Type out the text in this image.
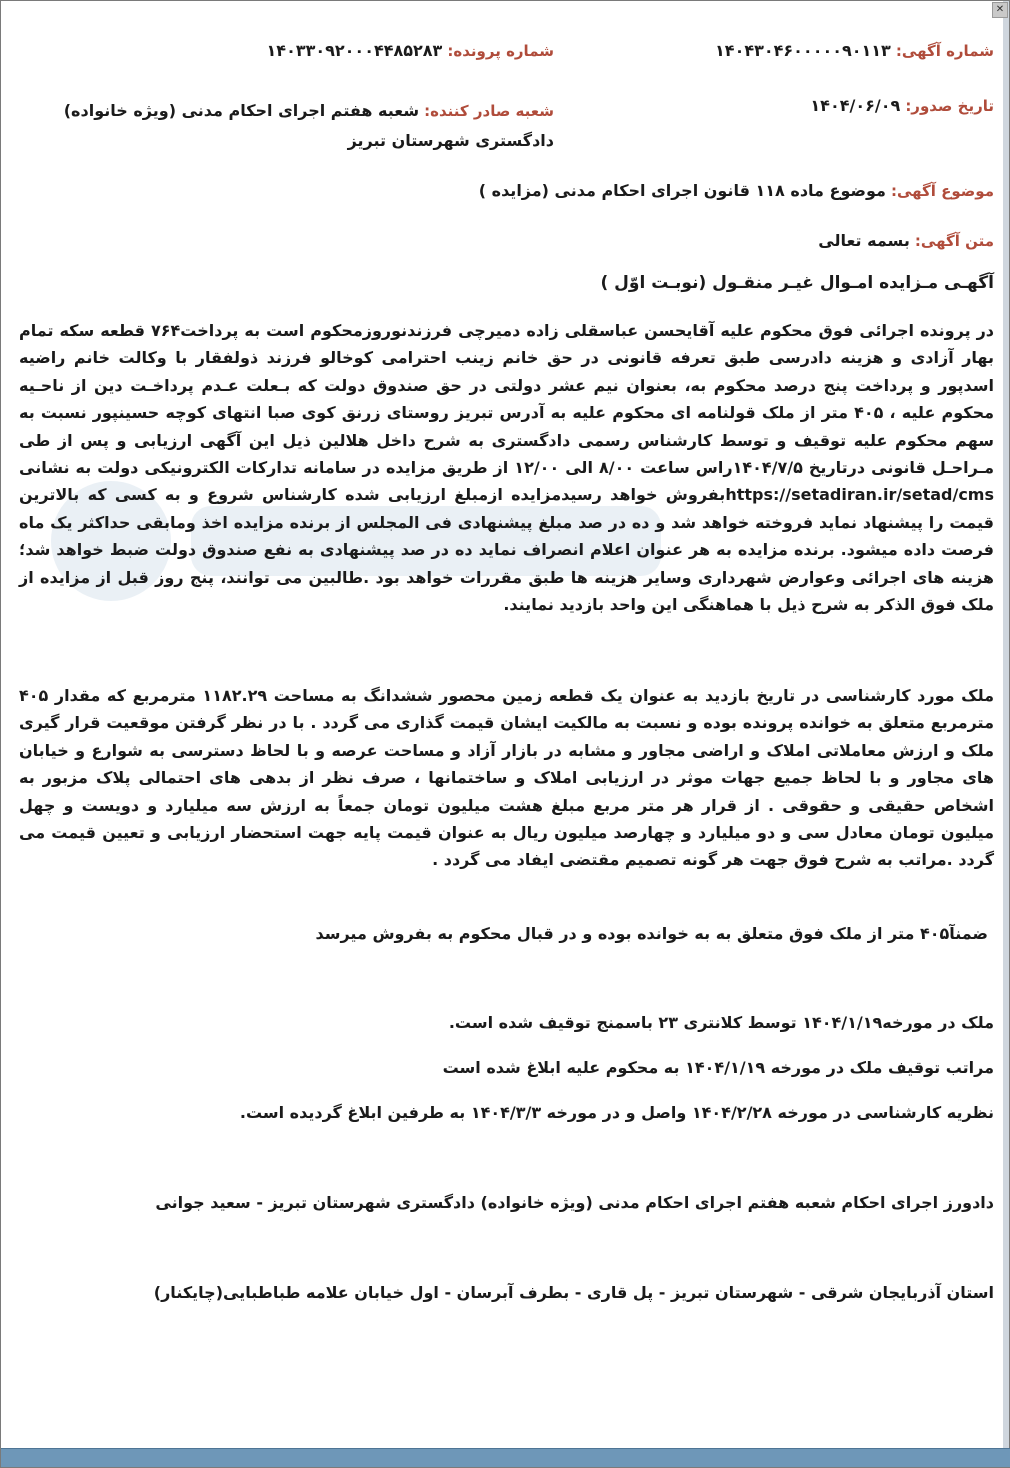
✕
شماره آگهی: ۱۴۰۴۳۰۴۶۰۰۰۰۰۹۰۱۱۳
شماره پرونده: ۱۴۰۳۳۰۹۲۰۰۰۴۴۸۵۲۸۳
تاریخ صدور: ۱۴۰۴/۰۶/۰۹
شعبه صادر کننده: شعبه هفتم اجرای احکام مدنی (ویژه خانواده) دادگستری شهرستان تبریز
موضوع آگهی: موضوع ماده ۱۱۸ قانون اجرای احکام مدنی (مزایده )
متن آگهی: بسمه تعالی
آگهـی مـزایده امـوال غیـر منقـول (نوبـت اوّل )
در پرونده اجرائی فوق محکوم علیه آقایحسن عباسقلی زاده دمیرچی فرزندنوروزمحکوم است به پرداخت۷۶۴ قطعه سکه تمام بهار آزادی و هزینه دادرسی طبق تعرفه قانونی در حق خانم زینب احترامی کوخالو فرزند ذولفقار با وکالت خانم راضیه اسدپور و پرداخت پنج درصد محکوم به، بعنوان نیم عشر دولتی در حق صندوق دولت که بـعلت عـدم پرداخـت دین از ناحـیه محکوم علیه ، ۴۰۵ متر از ملک قولنامه ای محکوم علیه به آدرس تبریز روستای زرنق کوی صبا انتهای کوچه حسینپور نسبت به سهم محکوم علیه توقیف و توسط کارشناس رسمی دادگستری به شرح داخل هلالین ذیل این آگهی ارزیابی و پس از طی مـراحـل قانونی درتاریخ ۱۴۰۴/۷/۵راس ساعت ۸/۰۰ الی ۱۲/۰۰ از طریق مزایده در سامانه تدارکات الکترونیکی دولت به نشانی https://setadiran.ir/setad/cmsبفروش خواهد رسیدمزایده ازمبلغ ارزیابی شده کارشناس شروع و به کسی که بالاترین قیمت را پیشنهاد نماید فروخته خواهد شد و ده در صد مبلغ پیشنهادی فی المجلس از برنده مزایده اخذ ومابقی حداکثر یک ماه فرصت داده میشود. برنده مزایده به هر عنوان اعلام انصراف نماید ده در صد پیشنهادی به نفع صندوق دولت ضبط خواهد شد؛ هزینه های اجرائی وعوارض شهرداری وسایر هزینه ها طبق مقررات خواهد بود .طالبین می توانند، پنج روز قبل از مزایده از ملک فوق الذکر به شرح ذیل با هماهنگی این واحد بازدید نمایند.
ملک مورد کارشناسی در تاریخ بازدید به عنوان یک قطعه زمین محصور ششدانگ به مساحت ۱۱۸۲.۲۹ مترمربع که مقدار ۴۰۵ مترمربع متعلق به خوانده پرونده بوده و نسبت به مالکیت ایشان قیمت گذاری می گردد . با در نظر گرفتن موقعیت قرار گیری ملک و ارزش معاملاتی املاک و اراضی مجاور و مشابه در بازار آزاد و مساحت عرصه و با لحاظ دسترسی به شوارع و خیابان های مجاور و با لحاظ جمیع جهات موثر در ارزیابی املاک و ساختمانها ، صرف نظر از بدهی های احتمالی پلاک مزبور به اشخاص حقیقی و حقوقی . از قرار هر متر مربع مبلغ هشت میلیون تومان جمعاً به ارزش سه میلیارد و دویست و چهل میلیون تومان معادل سی و دو میلیارد و چهارصد میلیون ریال به عنوان قیمت پایه جهت استحضار ارزیابی و تعیین قیمت می گردد .مراتب به شرح فوق جهت هر گونه تصمیم مقتضی ایفاد می گردد .
ضمنآ۴۰۵ متر از ملک فوق متعلق به به خوانده بوده و در قبال محکوم به بفروش میرسد
ملک در مورخه۱۴۰۴/۱/۱۹ توسط کلانتری ۲۳ باسمنج توقیف شده است.
مراتب توقیف ملک در مورخه ۱۴۰۴/۱/۱۹ به محکوم علیه ابلاغ شده است
نظریه کارشناسی در مورخه ۱۴۰۴/۲/۲۸ واصل و در مورخه ۱۴۰۴/۳/۳ به طرفین ابلاغ گردیده است.
دادورز اجرای احکام شعبه هفتم اجرای احکام مدنی (ویژه خانواده) دادگستری شهرستان تبریز - سعید جوانی
استان آذربایجان شرقی - شهرستان تبریز - پل قاری - بطرف آبرسان - اول خیابان علامه طباطبایی(چایکنار)
